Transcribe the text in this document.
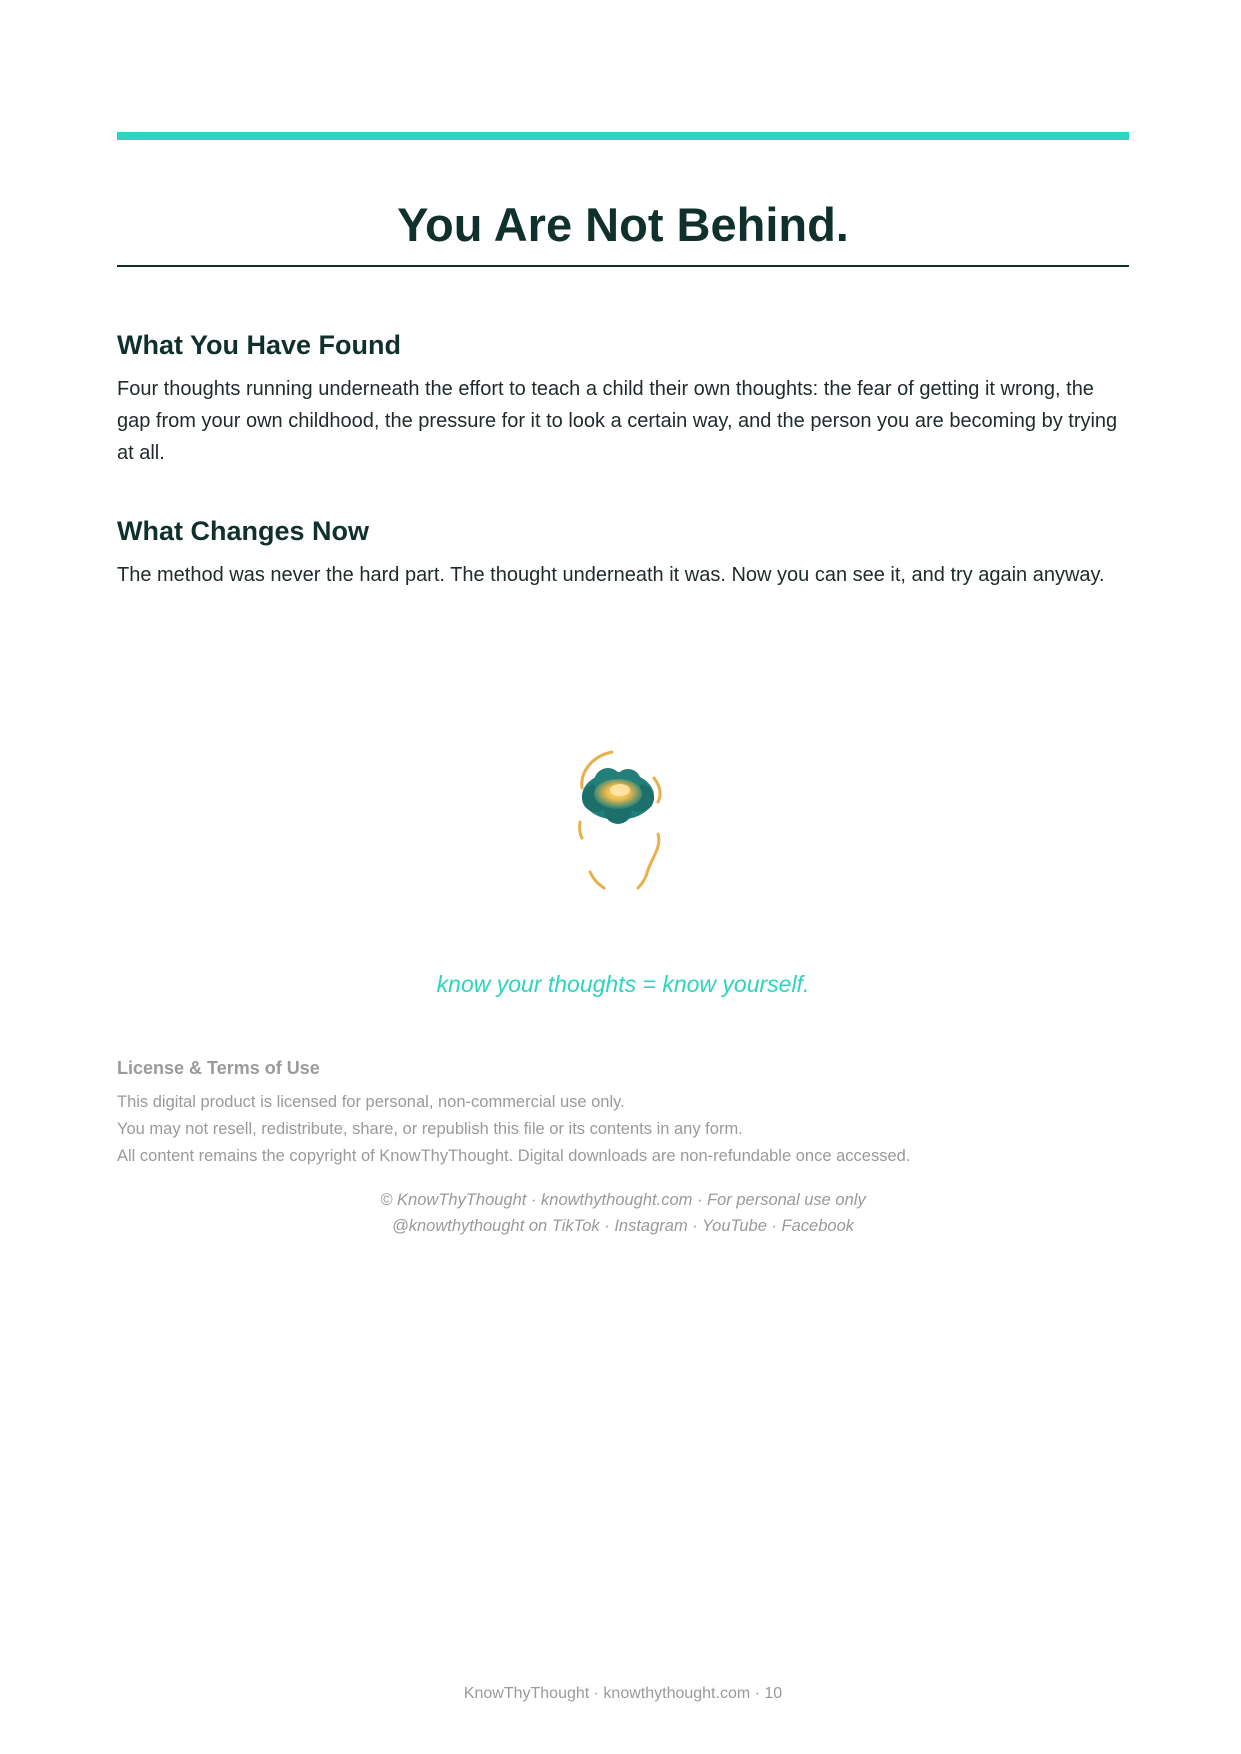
You Are Not Behind.
What You Have Found

Four thoughts running underneath the effort to teach a child their own thoughts: the fear of getting it wrong, the gap from your own childhood, the pressure for it to look a certain way, and the person you are becoming by trying at all.

What Changes Now

The method was never the hard part. The thought underneath it was. Now you can see it, and try again anyway.

know your thoughts = know yourself.
License & Terms of Use

This digital product is licensed for personal, non-commercial use only.

You may not resell, redistribute, share, or republish this file or its contents in any form.

All content remains the copyright of KnowThyThought. Digital downloads are non-refundable once accessed.

© KnowThyThought · knowthythought.com · For personal use only
@knowthythought on TikTok · Instagram · YouTube · Facebook
KnowThyThought · knowthythought.com · 10
